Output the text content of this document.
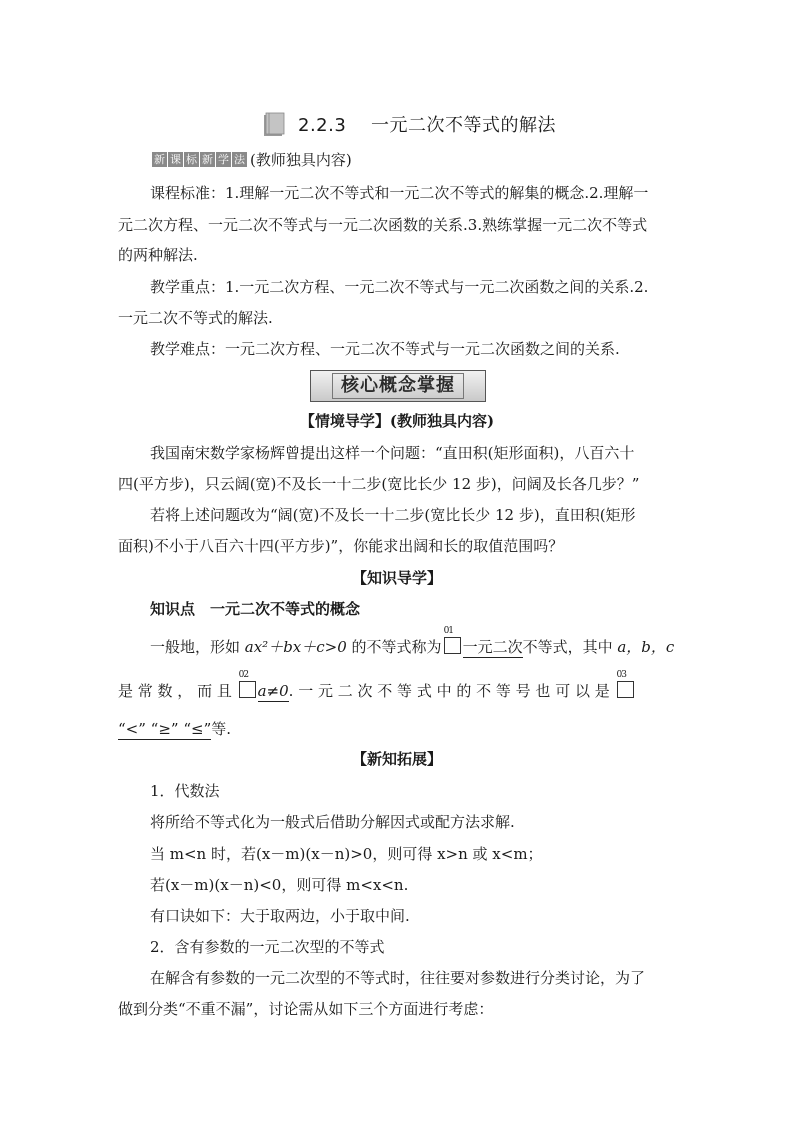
2.2.3  一元二次不等式的解法
新 课 标 新 学 法 (教师独具内容)
课程标准：1.理解一元二次不等式和一元二次不等式的解集的概念.2.理解一
元二次方程、一元二次不等式与一元二次函数的关系.3.熟练掌握一元二次不等式
的两种解法.
教学重点：1.一元二次方程、一元二次不等式与一元二次函数之间的关系.2.
一元二次不等式的解法.
教学难点：一元二次方程、一元二次不等式与一元二次函数之间的关系.
核心概念掌握
【情境导学】(教师独具内容)
我国南宋数学家杨辉曾提出这样一个问题：“直田积(矩形面积)，八百六十
四(平方步)，只云阔(宽)不及长一十二步(宽比长少 12 步)，问阔及长各几步？”
若将上述问题改为“阔(宽)不及长一十二步(宽比长少 12 步)，直田积(矩形
面积)不小于八百六十四(平方步)”，你能求出阔和长的取值范围吗？
【知识导学】
知识点　一元二次不等式的概念
一般地，形如 ax²＋bx＋c>0 的不等式称为
01
一元二次不等式，其中 a，b，c
是 常 数 ， 而 且
02
a≠0. 一 元 二 次 不 等 式 中 的 不 等 号 也 可 以 是
03
“<” “≥” “≤”等.
【新知拓展】
1．代数法
将所给不等式化为一般式后借助分解因式或配方法求解.
当 m<n 时，若(x－m)(x－n)>0，则可得 x>n 或 x<m；
若(x－m)(x－n)<0，则可得 m<x<n.
有口诀如下：大于取两边，小于取中间.
2．含有参数的一元二次型的不等式
在解含有参数的一元二次型的不等式时，往往要对参数进行分类讨论，为了
做到分类“不重不漏”，讨论需从如下三个方面进行考虑：
